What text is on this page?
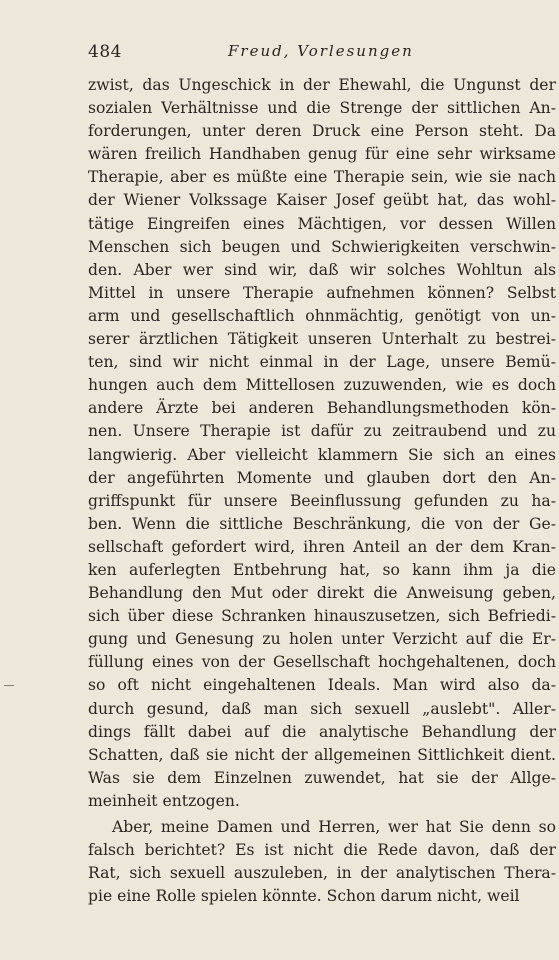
484	Freud, Vorlesungen
zwist, das Ungeschick in der Ehewahl, die Ungunst der
sozialen Verhältnisse und die Strenge der sittlichen An-
forderungen, unter deren Druck eine Person steht. Da
wären freilich Handhaben genug für eine sehr wirksame
Therapie, aber es müßte eine Therapie sein, wie sie nach
der Wiener Volkssage Kaiser Josef geübt hat, das wohl-
tätige Eingreifen eines Mächtigen, vor dessen Willen
Menschen sich beugen und Schwierigkeiten verschwin-
den. Aber wer sind wir, daß wir solches Wohltun als
Mittel in unsere Therapie aufnehmen können? Selbst
arm und gesellschaftlich ohnmächtig, genötigt von un-
serer ärztlichen Tätigkeit unseren Unterhalt zu bestrei-
ten, sind wir nicht einmal in der Lage, unsere Bemü-
hungen auch dem Mittellosen zuzuwenden, wie es doch
andere Ärzte bei anderen Behandlungsmethoden kön-
nen. Unsere Therapie ist dafür zu zeitraubend und zu
langwierig. Aber vielleicht klammern Sie sich an eines
der angeführten Momente und glauben dort den An-
griffspunkt für unsere Beeinflussung gefunden zu ha-
ben. Wenn die sittliche Beschränkung, die von der Ge-
sellschaft gefordert wird, ihren Anteil an der dem Kran-
ken auferlegten Entbehrung hat, so kann ihm ja die
Behandlung den Mut oder direkt die Anweisung geben,
sich über diese Schranken hinauszusetzen, sich Befriedi-
gung und Genesung zu holen unter Verzicht auf die Er-
füllung eines von der Gesellschaft hochgehaltenen, doch
so oft nicht eingehaltenen Ideals. Man wird also da-
durch gesund, daß man sich sexuell „auslebt". Aller-
dings fällt dabei auf die analytische Behandlung der
Schatten, daß sie nicht der allgemeinen Sittlichkeit dient.
Was sie dem Einzelnen zuwendet, hat sie der Allge-
meinheit entzogen.
Aber, meine Damen und Herren, wer hat Sie denn so
falsch berichtet? Es ist nicht die Rede davon, daß der
Rat, sich sexuell auszuleben, in der analytischen Thera-
pie eine Rolle spielen könnte. Schon darum nicht, weil
